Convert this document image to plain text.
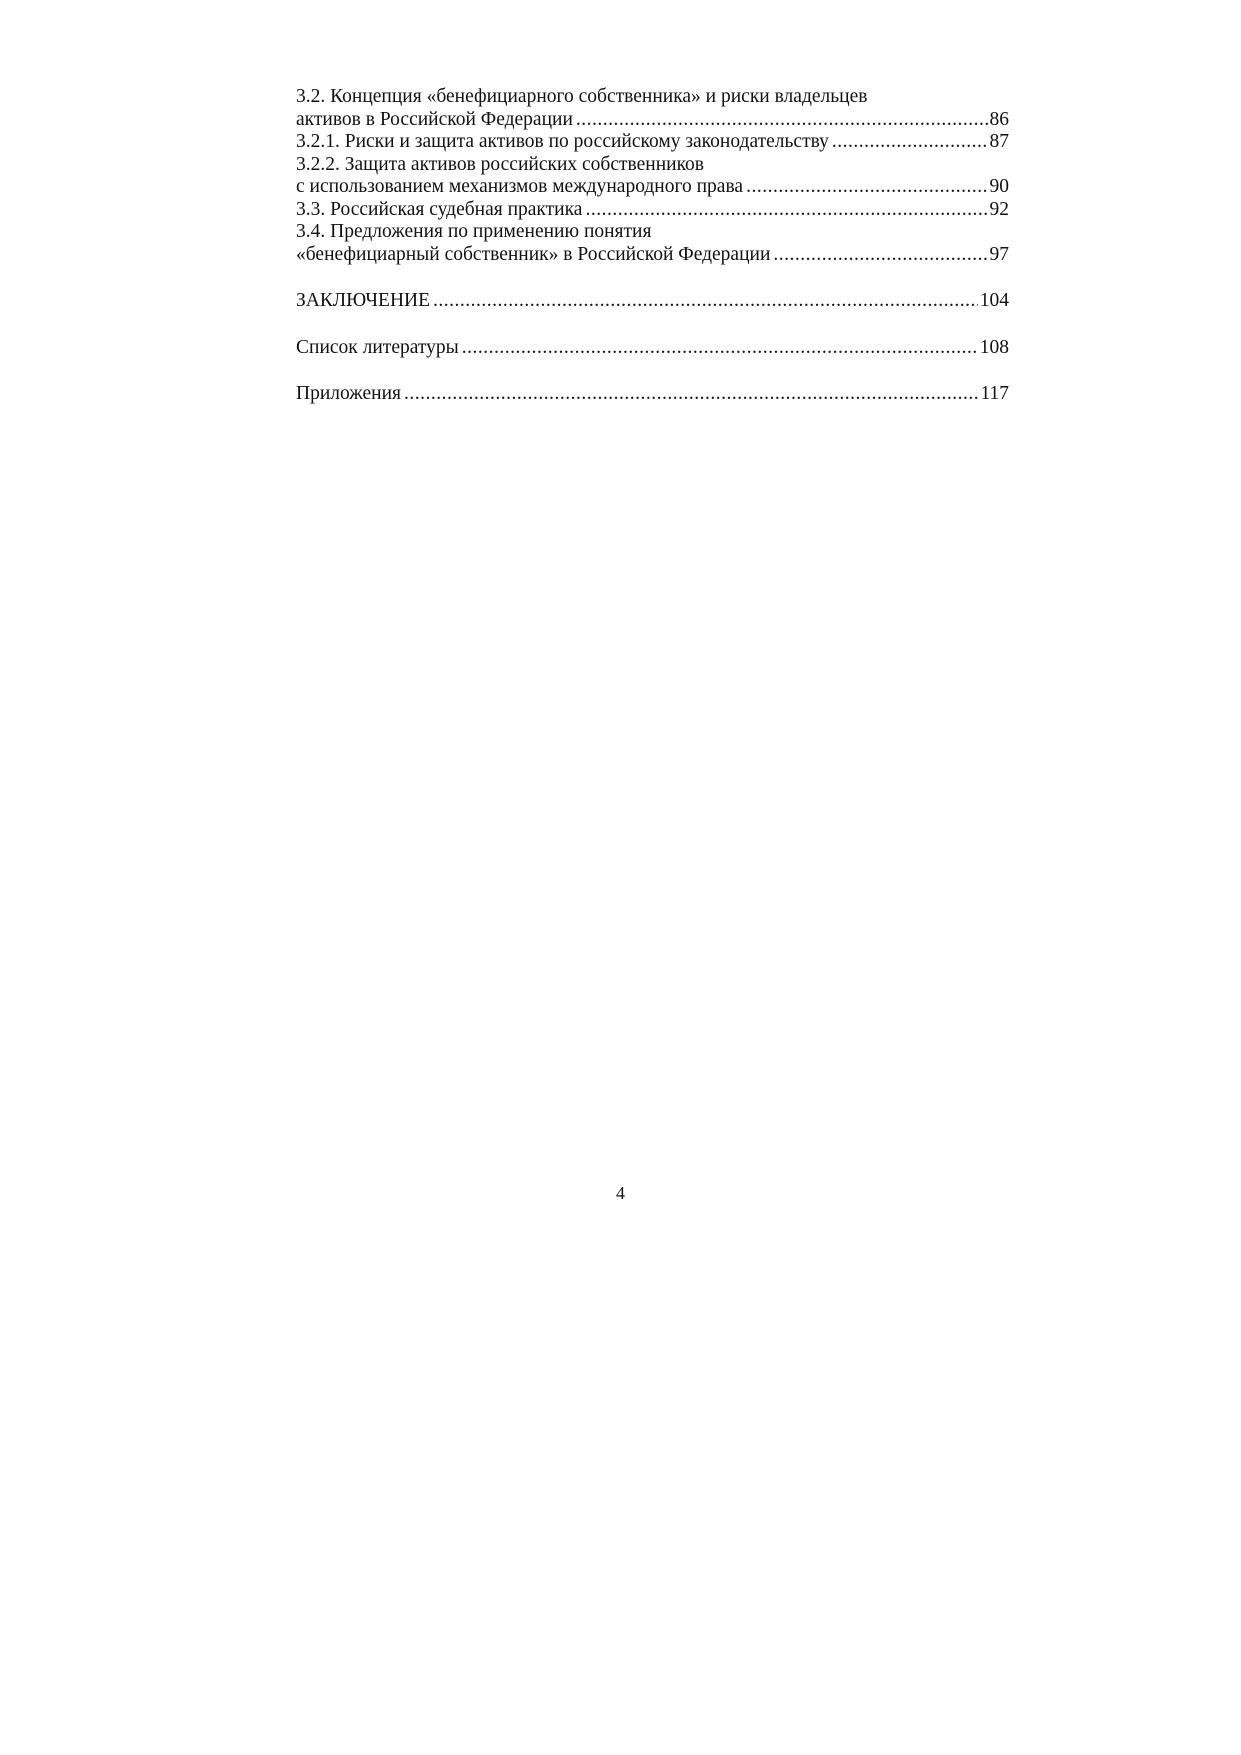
3.2. Концепция «бенефициарного собственника» и риски владельцев
активов в Российской Федерации .....	86
3.2.1. Риски и защита активов по российскому законодательству .....	87
3.2.2. Защита активов российских собственников
с использованием механизмов международного права .....	90
3.3. Российская судебная практика .....	92
3.4. Предложения по применению понятия
«бенефициарный собственник» в Российской Федерации .....	97
ЗАКЛЮЧЕНИЕ .....	104
Список литературы .....	108
Приложения .....	117
4
